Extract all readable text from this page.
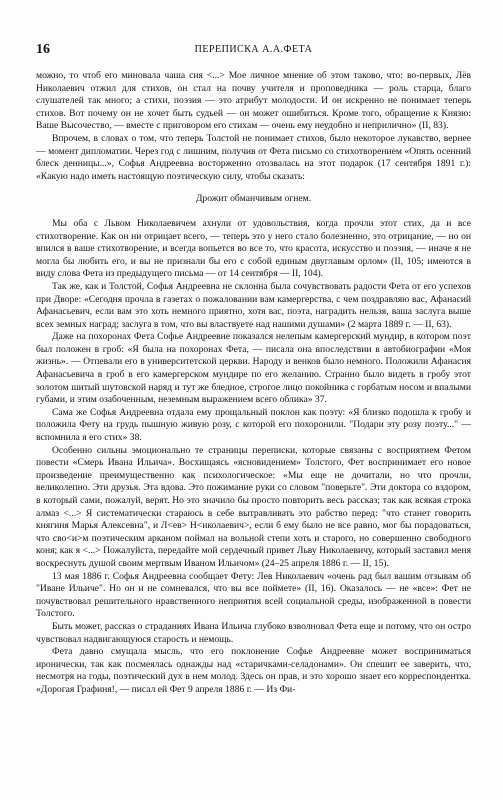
16	ПЕРЕПИСКА А.А.ФЕТА

можно, то чтоб его миновала чаша сия <...> Мое личное мнение об этом таково, что: во-первых, Лёв Николаевич отжил для стихов, он стал на почву учителя и проповедника — роль старца, благо слушателей так много; а стихи, поэзия — это атрибут молодости. И он искренно не понимает теперь стихов. Вот почему он не хочет быть судьей — он может ошибиться. Кроме того, обращение к Князю: Ваше Высочество, — вместе с приговором его стихам — очень ему неудобно и неприлично» (II, 83).

Впрочем, в словах о том, что теперь Толстой не понимает стихов, было некоторое лукавство, вернее — момент дипломатии. Через год с лишним, получив от Фета письмо со стихотворением «Опять осенний блеск денницы...», Софья Андреевна восторженно отозвалась на этот подарок (17 сентября 1891 г.): «Какую надо иметь настоящую поэтическую силу, чтобы сказать:

Дрожит обманчивым огнем.

Мы оба с Львом Николаевичем ахнули от удовольствия, когда прочли этот стих, да и все стихотворение. Как он ни отрицает всего, — теперь это у него стало болезненно, это отрицание, — но он впился в ваше стихотворение, и всегда вопьется во все то, что красота, искусство и поэзия, — иначе я не могла бы любить его, и вы не признали бы его с собой единым двуглавым орлом» (II, 105; имеются в виду слова Фета из предыдущего письма — от 14 сентября — II, 104).

Так же, как и Толстой, Софья Андреевна не склонна была сочувствовать радости Фета от его успехов при Дворе: «Сегодня прочла в газетах о пожаловании вам камергерства, с чем поздравляю вас, Афанасий Афанасьевич, если вам это хоть немного приятно, хотя вас, поэта, наградить нельзя, ваша заслуга выше всех земных наград; заслуга в том, что вы властвуете над нашими душами» (2 марта 1889 г. — II, 63).

Даже на похоронах Фета Софье Андреевне показался нелепым камергерский мундир, в котором поэт был положен в гроб: «Я была на похоронах Фета, — писала она впоследствии в автобиографии «Моя жизнь». — Отпевали его в университетской церкви. Народу и венков было немного. Положили Афанасия Афанасьевича в гроб в его камергерском мундире по его желанию. Странно было видеть в гробу этот золотом шитый шутовской наряд и тут же бледное, строгое лицо покойника с горбатым носом и впалыми губами, и этим озабоченным, неземным выражением всего облика» 37.

Сама же Софья Андреевна отдала ему прощальный поклон как поэту: «Я близко подошла к гробу и положила Фету на грудь пышную живую розу, с которой его похоронили. "Подари эту розу поэту..." — вспомнила я его стих» 38.

Особенно сильны эмоционально те страницы переписки, которые связаны с восприятием Фетом повести «Смерь Ивана Ильича». Восхищаясь «ясновидением» Толстого, Фет воспринимает его новое произведение преимущественно как психологическое: «Мы еще не дочитали, но что прочли, великолепно. Эти друзья. Эта вдова. Это пожимание руки со словом "поверьте". Эти доктора со вздором, в который сами, пожалуй, верят. Но это значило бы просто повторить весь рассказ; так как всякая строка алмаз <...> Я систематически стараюсь в себе вытравливать это рабство перед: "что станет говорить княгиня Марья Алексевна", и Л<ев> Н<иколаевич>, если б ему было не все равно, мог бы порадоваться, что сво<и>м поэтическим арканом поймал на вольной степи хоть и старого, но совершенно свободного коня; как я <...> Пожалуйста, передайте мой сердечный привет Льву Николаевичу, который заставил меня воскреснуть душой своим мертвым Иваном Ильичом» (24–25 апреля 1886 г. — II, 15).

13 мая 1886 г. Софья Андреевна сообщает Фету: Лев Николаевич «очень рад был вашим отзывам об "Иване Ильиче". Но он и не сомневался, что вы все поймете» (II, 16). Оказалось — не «все»: Фет не почувствовал решительного нравственного неприятия всей социальной среды, изображенной в повести Толстого.

Быть может, рассказ о страданиях Ивана Ильича глубоко взволновал Фета еще и потому, что он остро чувствовал надвигающуюся старость и немощь.

Фета давно смущала мысль, что его поклонение Софье Андреевне может восприниматься иронически, так как посмеялась однажды над «старичками-селадонами». Он спешит ее заверить, что, несмотря на годы, поэтический дух в нем молод. Здесь он прав, и это хорошо знает его корреспондентка. «Дорогая Графиня!, — писал ей Фет 9 апреля 1886 г. — Из Фи-
